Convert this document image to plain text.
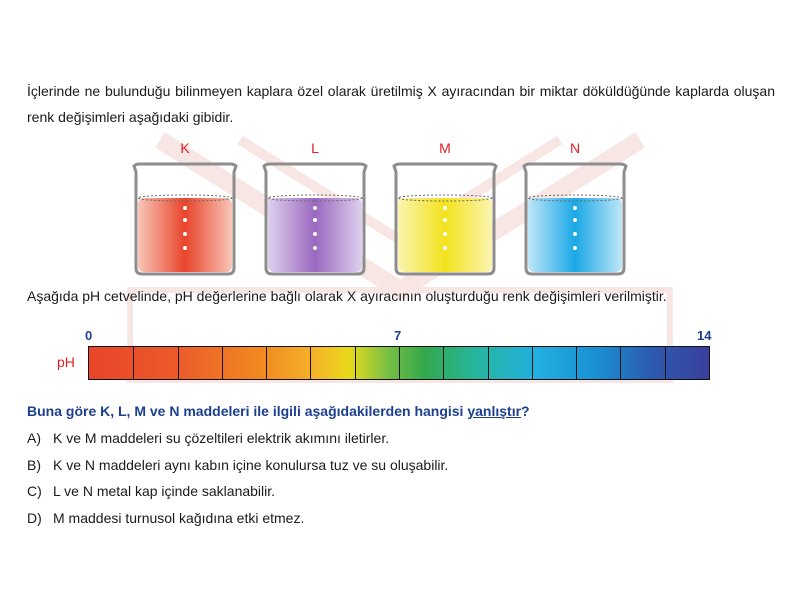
İçlerinde ne bulunduğu bilinmeyen kaplara özel olarak üretilmiş X ayıracından bir miktar döküldüğünde kaplarda oluşan renk değişimleri aşağıdaki gibidir.
K	L	M	N
Aşağıda pH cetvelinde, pH değerlerine bağlı olarak X ayıracının oluşturduğu renk değişimleri verilmiştir.
0	7	14
pH
Buna göre K, L, M ve N maddeleri ile ilgili aşağıdakilerden hangisi yanlıştır?
A) K ve M maddeleri su çözeltileri elektrik akımını iletirler.
B) K ve N maddeleri aynı kabın içine konulursa tuz ve su oluşabilir.
C) L ve N metal kap içinde saklanabilir.
D) M maddesi turnusol kağıdına etki etmez.
